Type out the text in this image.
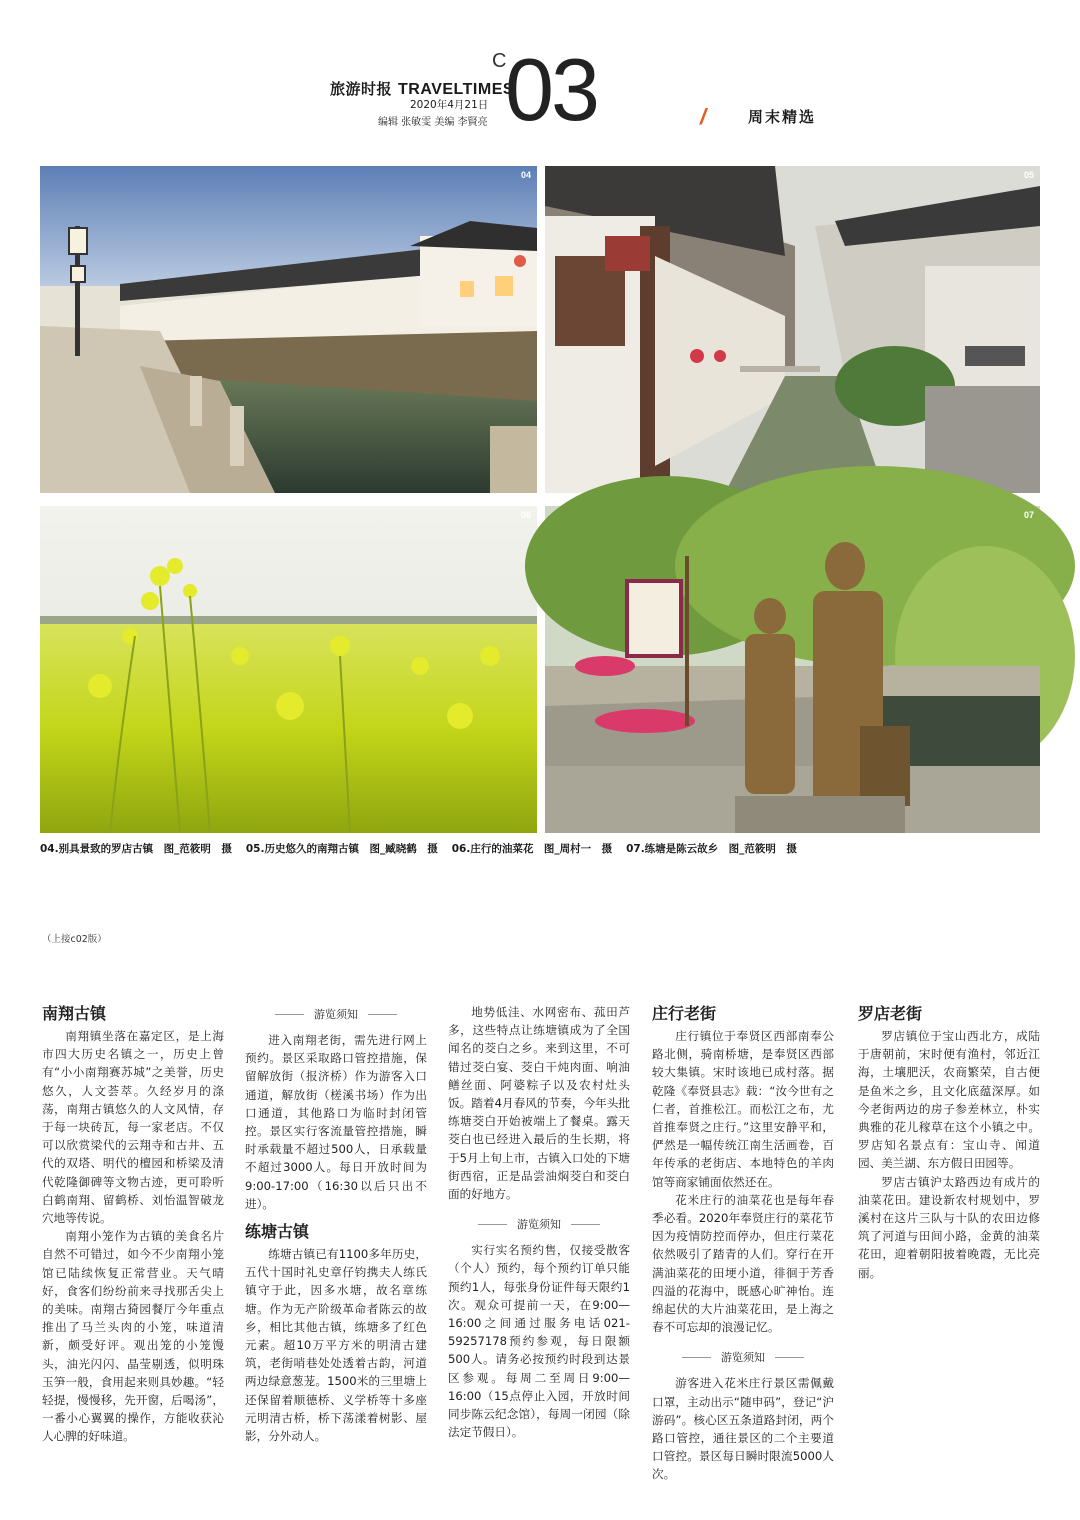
旅游时报 TRAVELTIMES
2020年4月21日
编辑 张敏雯 美编 李賢亮
C
03	/	周末精选
04	05
06	07
04.别具景致的罗店古镇　图_范筱明　摄 05.历史悠久的南翔古镇　图_臧晓鹤　摄 06.庄行的油菜花　图_周村一　摄 07.练塘是陈云故乡　图_范筱明　摄
（上接c02版）
南翔古镇

南翔镇坐落在嘉定区，是上海市四大历史名镇之一，历史上曾有“小小南翔赛苏城”之美誉，历史悠久，人文荟萃。久经岁月的涤荡，南翔古镇悠久的人文风情，存于每一块砖瓦，每一家老店。不仅可以欣赏梁代的云翔寺和古井、五代的双塔、明代的檀园和桥梁及清代乾隆御碑等文物古迹，更可聆听白鹤南翔、留鹤桥、刘怡温智破龙穴地等传说。

南翔小笼作为古镇的美食名片自然不可错过，如今不少南翔小笼馆已陆续恢复正常营业。天气晴好，食客们纷纷前来寻找那舌尖上的美味。南翔古猗园餐厅今年重点推出了马兰头肉的小笼，味道清新，颇受好评。观出笼的小笼馒头，油光闪闪、晶莹剔透，似明珠玉笋一般，食用起来则具妙趣。“轻轻提，慢慢移，先开窗，后喝汤”，一番小心翼翼的操作，方能收获沁人心脾的好味道。

游览须知

进入南翔老街，需先进行网上预约。景区采取路口管控措施，保留解放街（报济桥）作为游客入口通道，解放街（槎溪书场）作为出口通道，其他路口为临时封闭管控。景区实行客流量管控措施，瞬时承载量不超过500人，日承载量不超过3000人。每日开放时间为9:00-17:00（16:30以后只出不进）。

练塘古镇

练塘古镇已有1100多年历史，五代十国时礼史章仔钧携夫人练氏镇守于此，因多水塘，故名章练塘。作为无产阶级革命者陈云的故乡，相比其他古镇，练塘多了红色元素。超10万平方米的明清古建筑，老街哨巷处处透着古韵，河道两边绿意葱茏。1500米的三里塘上还保留着顺德桥、义学桥等十多座元明清古桥，桥下荡漾着树影、屋影，分外动人。

地势低洼、水网密布、菰田芦多，这些特点让练塘镇成为了全国闻名的茭白之乡。来到这里，不可错过茭白宴、茭白干炖肉面、响油鳝丝面、阿婆粽子以及农村灶头饭。踏着4月春风的节奏，今年头批练塘茭白开始被端上了餐桌。露天茭白也已经进入最后的生长期，将于5月上旬上市，古镇入口处的下塘街西宿，正是品尝油焖茭白和茭白面的好地方。

游览须知

实行实名预约售，仅接受散客（个人）预约，每个预约订单只能预约1人，每张身份证件每天限约1次。观众可提前一天，在9:00—16:00之间通过服务电话021-59257178预约参观，每日限额500人。请务必按预约时段到达景区参观。每周二至周日9:00—16:00（15点停止入园，开放时间同步陈云纪念馆），每周一闭园（除法定节假日）。

庄行老街

庄行镇位于奉贤区西部南奉公路北侧，骑南桥塘，是奉贤区西部较大集镇。宋时该地已成村落。据乾隆《奉贤县志》载：“汝今世有之仁者，首推松江。而松江之布，尤首推奉贤之庄行。”这里安静平和，俨然是一幅传统江南生活画卷，百年传承的老街店、本地特色的羊肉馆等商家铺面依然还在。

花米庄行的油菜花也是每年春季必看。2020年奉贤庄行的菜花节因为疫情防控而停办，但庄行菜花依然吸引了踏青的人们。穿行在开满油菜花的田埂小道，徘徊于芳香四溢的花海中，既感心旷神怡。连绵起伏的大片油菜花田，是上海之春不可忘却的浪漫记忆。

游览须知

游客进入花米庄行景区需佩戴口罩，主动出示“随申码”，登记“沪游码”。核心区五条道路封闭，两个路口管控，通往景区的二个主要道口管控。景区每日瞬时限流5000人次。

罗店老街

罗店镇位于宝山西北方，成陆于唐朝前，宋时便有渔村，邻近江海，土壤肥沃，农商繁荣，自古便是鱼米之乡，且文化底蕴深厚。如今老街两边的房子参差林立，朴实典雅的花儿稼草在这个小镇之中。罗店知名景点有：宝山寺、闻道园、美兰湖、东方假日田园等。

罗店古镇沪太路西边有成片的油菜花田。建设新农村规划中，罗溪村在这片三队与十队的农田边修筑了河道与田间小路，金黄的油菜花田，迎着朝阳披着晚霞，无比亮丽。
